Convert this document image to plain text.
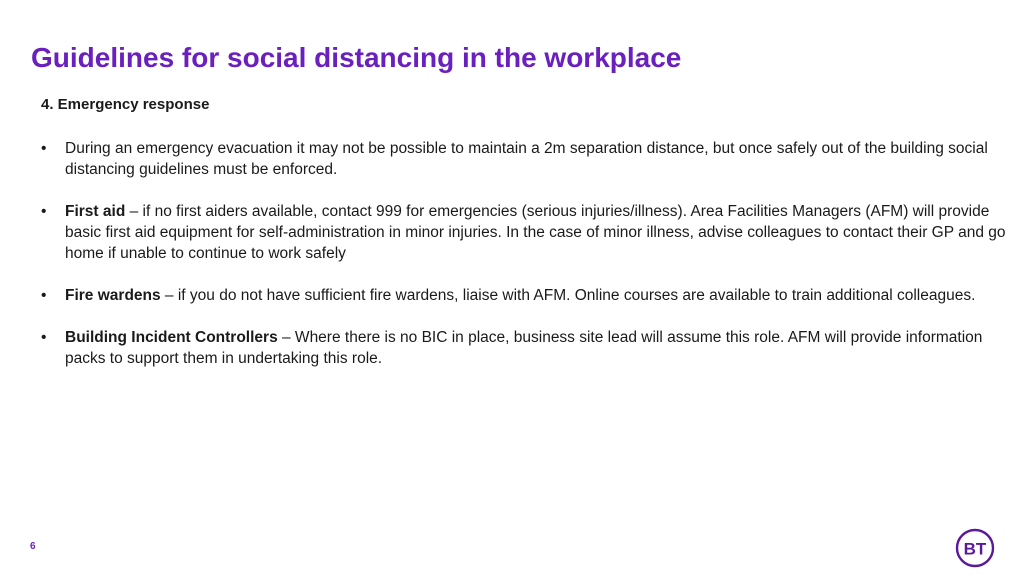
Guidelines for social distancing in the workplace
4. Emergency response
• During an emergency evacuation it may not be possible to maintain a 2m separation distance, but once safely out of the building social distancing guidelines must be enforced.
• First aid – if no first aiders available, contact 999 for emergencies (serious injuries/illness). Area Facilities Managers (AFM) will provide basic first aid equipment for self-administration in minor injuries. In the case of minor illness, advise colleagues to contact their GP and go home if unable to continue to work safely
• Fire wardens – if you do not have sufficient fire wardens, liaise with AFM. Online courses are available to train additional colleagues.
• Building Incident Controllers – Where there is no BIC in place, business site lead will assume this role. AFM will provide information packs to support them in undertaking this role.
6	BT
